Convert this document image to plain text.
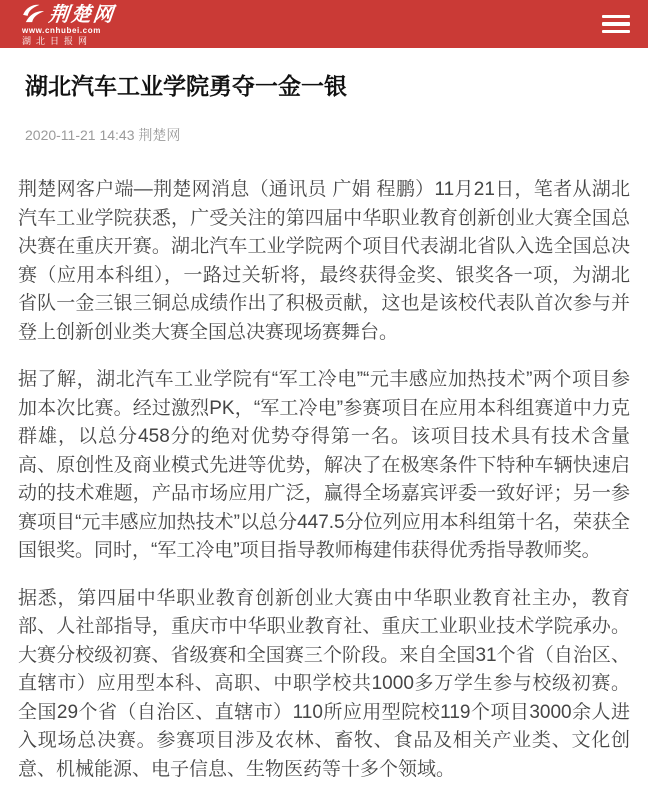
荆楚网
www.cnhubei.com
湖北日报网
湖北汽车工业学院勇夺一金一银
2020-11-21 14:43 荆楚网

荆楚网客户端—荆楚网消息（通讯员 广娟 程鹏）11月21日，笔者从湖北汽车工业学院获悉，广受关注的第四届中华职业教育创新创业大赛全国总决赛在重庆开赛。湖北汽车工业学院两个项目代表湖北省队入选全国总决赛（应用本科组），一路过关斩将，最终获得金奖、银奖各一项，为湖北省队一金三银三铜总成绩作出了积极贡献，这也是该校代表队首次参与并登上创新创业类大赛全国总决赛现场赛舞台。

据了解，湖北汽车工业学院有“军工冷电”“元丰感应加热技术”两个项目参加本次比赛。经过激烈PK，“军工冷电”参赛项目在应用本科组赛道中力克群雄，以总分458分的绝对优势夺得第一名。该项目技术具有技术含量高、原创性及商业模式先进等优势，解决了在极寒条件下特种车辆快速启动的技术难题，产品市场应用广泛，赢得全场嘉宾评委一致好评；另一参赛项目“元丰感应加热技术”以总分447.5分位列应用本科组第十名，荣获全国银奖。同时，“军工冷电”项目指导教师梅建伟获得优秀指导教师奖。

据悉，第四届中华职业教育创新创业大赛由中华职业教育社主办，教育部、人社部指导，重庆市中华职业教育社、重庆工业职业技术学院承办。大赛分校级初赛、省级赛和全国赛三个阶段。来自全国31个省（自治区、直辖市）应用型本科、高职、中职学校共1000多万学生参与校级初赛。全国29个省（自治区、直辖市）110所应用型院校119个项目3000余人进入现场总决赛。参赛项目涉及农林、畜牧、食品及相关产业类、文化创意、机械能源、电子信息、生物医药等十多个领域。
